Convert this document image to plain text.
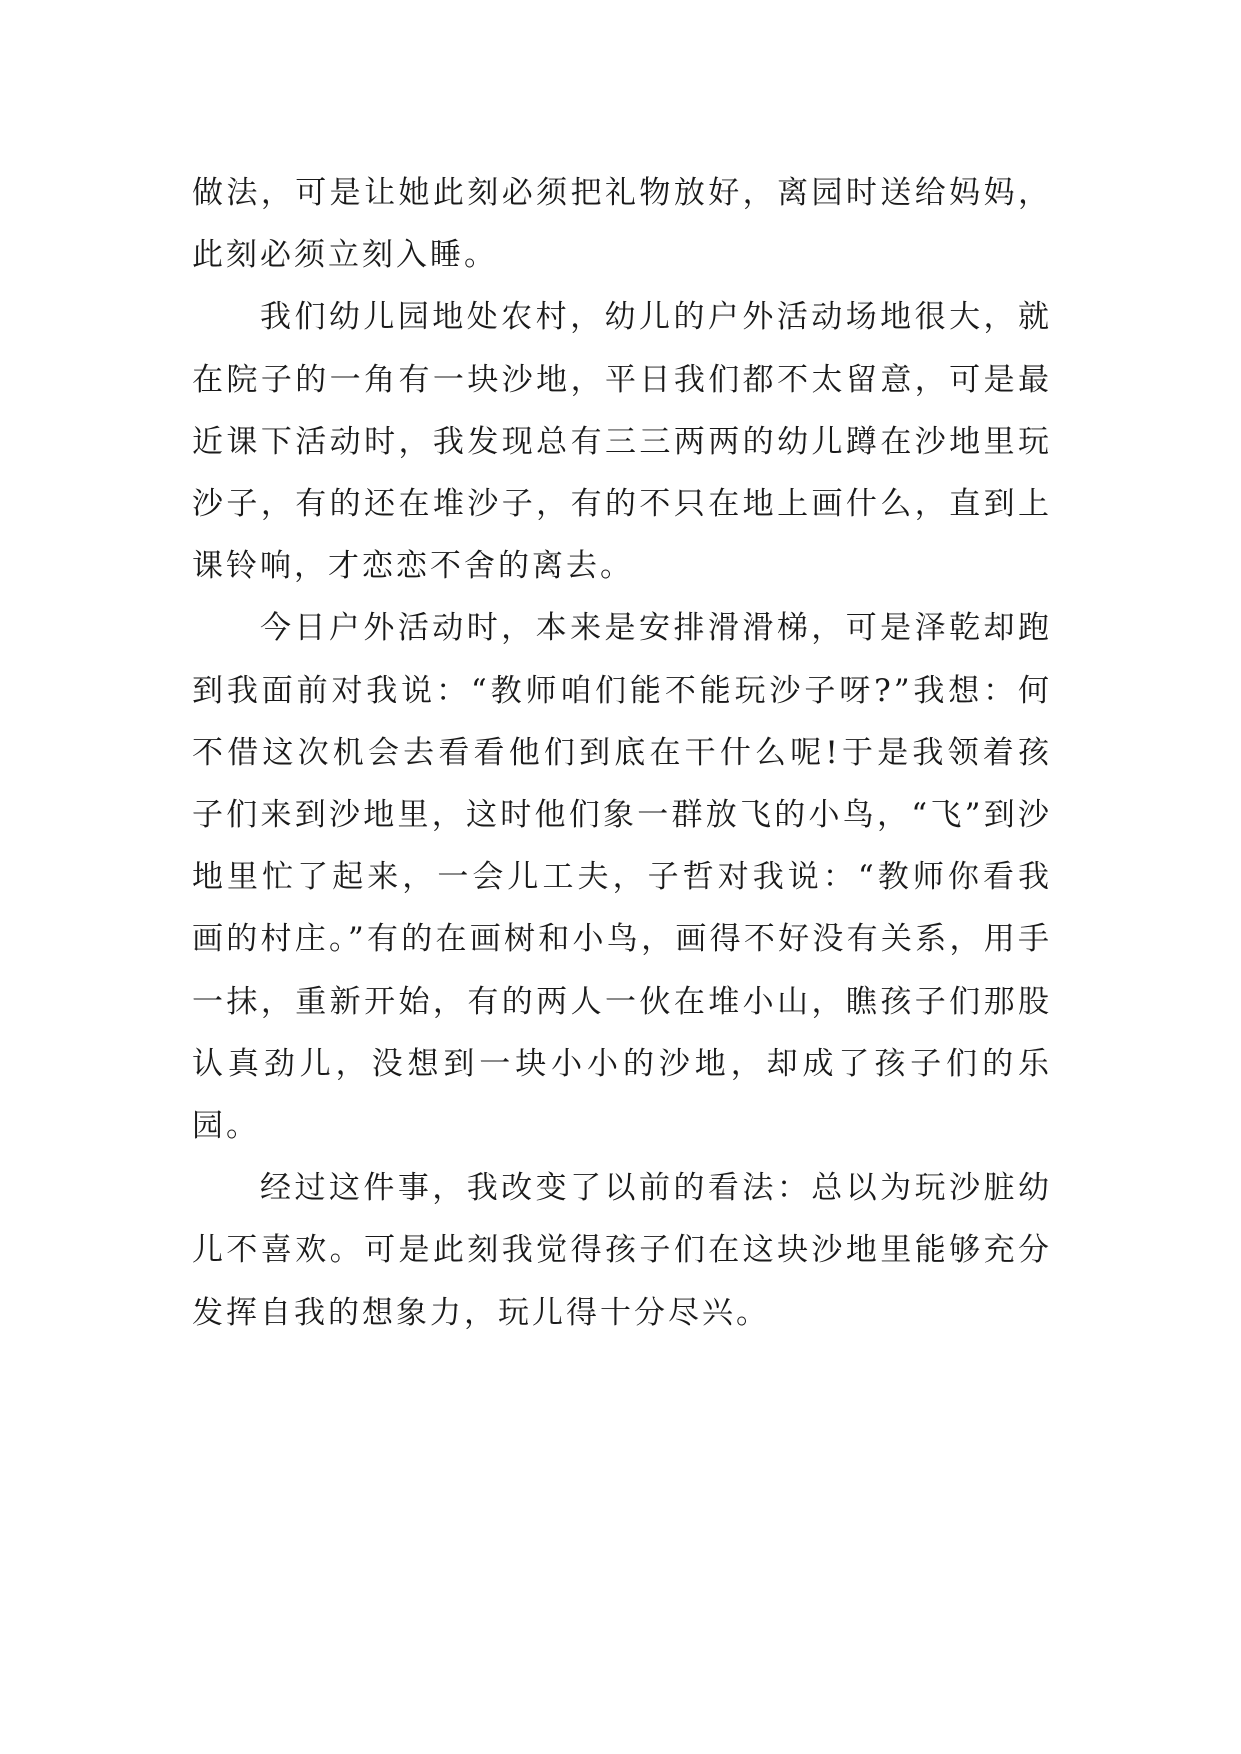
做法，可是让她此刻必须把礼物放好，离园时送给妈妈，此刻必须立刻入睡。

我们幼儿园地处农村，幼儿的户外活动场地很大，就在院子的一角有一块沙地，平日我们都不太留意，可是最近课下活动时，我发现总有三三两两的幼儿蹲在沙地里玩沙子，有的还在堆沙子，有的不只在地上画什么，直到上课铃响，才恋恋不舍的离去。

今日户外活动时，本来是安排滑滑梯，可是泽乾却跑到我面前对我说：“教师咱们能不能玩沙子呀?”我想：何不借这次机会去看看他们到底在干什么呢!于是我领着孩子们来到沙地里，这时他们象一群放飞的小鸟，“飞”到沙地里忙了起来，一会儿工夫，子哲对我说：“教师你看我画的村庄。”有的在画树和小鸟，画得不好没有关系，用手一抹，重新开始，有的两人一伙在堆小山，瞧孩子们那股认真劲儿，没想到一块小小的沙地，却成了孩子们的乐园。

经过这件事，我改变了以前的看法：总以为玩沙脏幼儿不喜欢。可是此刻我觉得孩子们在这块沙地里能够充分发挥自我的想象力，玩儿得十分尽兴。
